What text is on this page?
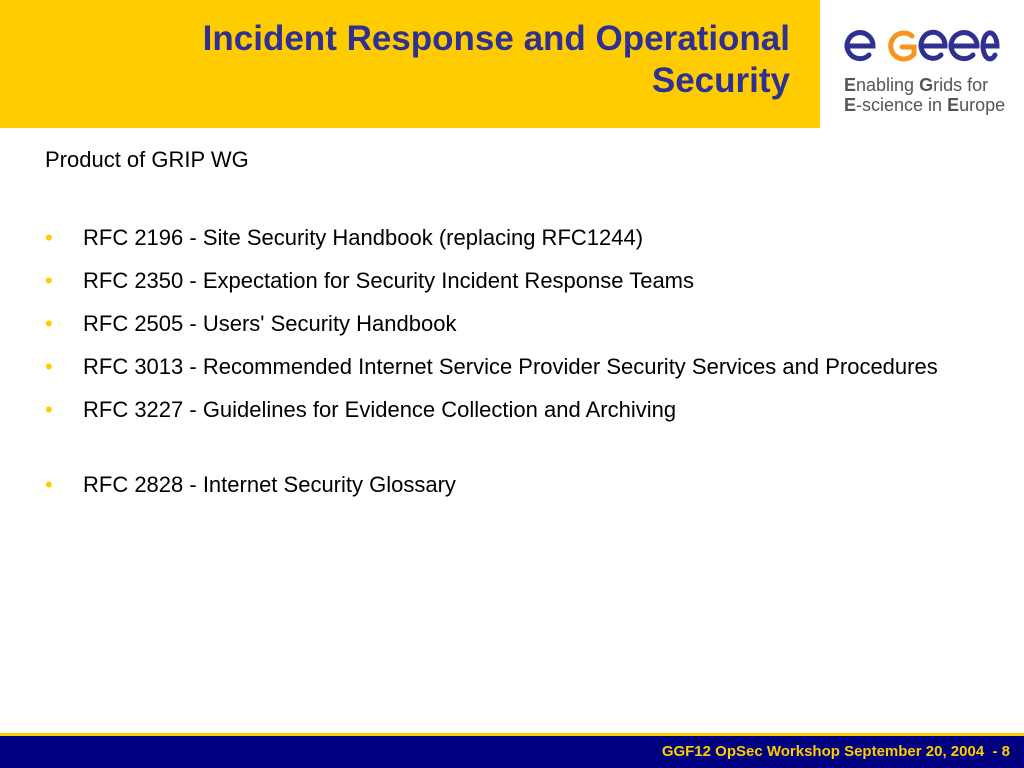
Incident Response and Operational
Security	Enabling Grids for
E-science in Europe

Product of GRIP WG

• RFC 2196 - Site Security Handbook (replacing RFC1244)
• RFC 2350 - Expectation for Security Incident Response Teams
• RFC 2505 - Users' Security Handbook
• RFC 3013 - Recommended Internet Service Provider Security Services and Procedures
• RFC 3227 - Guidelines for Evidence Collection and Archiving
• RFC 2828 - Internet Security Glossary
GGF12 OpSec Workshop September 20, 2004  - 8
